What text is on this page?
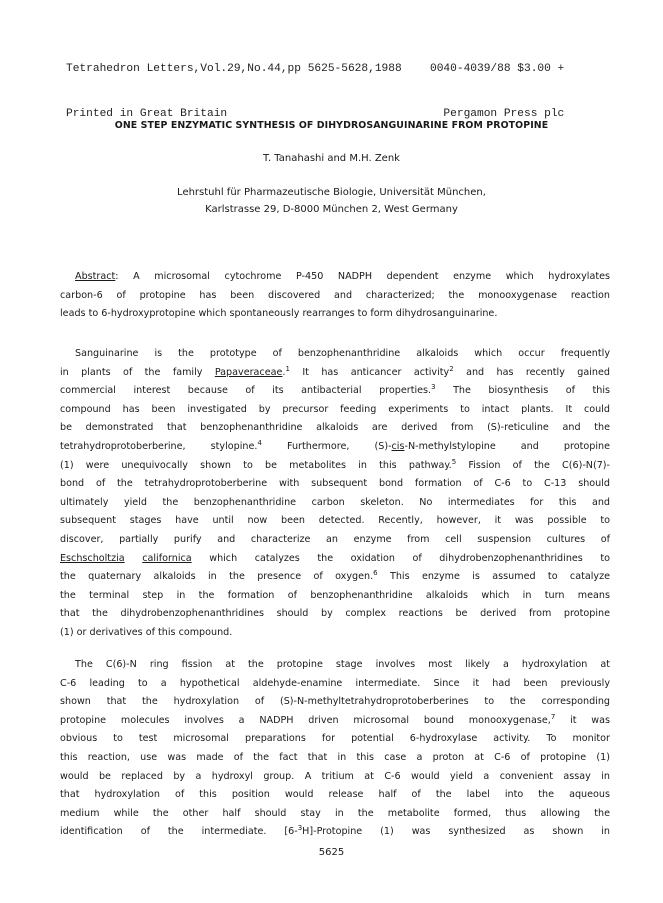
Tetrahedron Letters,Vol.29,No.44,pp 5625-5628,1988

Printed in Great Britain

0040-4039/88 $3.00 +

Pergamon Press plc

ONE STEP ENZYMATIC SYNTHESIS OF DIHYDROSANGUINARINE FROM PROTOPINE
T. Tanahashi and M.H. Zenk
Lehrstuhl für Pharmazeutische Biologie, Universität München,
Karlstrasse 29, D-8000 München 2, West Germany
Abstract: A microsomal cytochrome P-450 NADPH dependent enzyme which hydroxylates
carbon-6 of protopine has been discovered and characterized; the monooxygenase reaction
leads to 6-hydroxyprotopine which spontaneously rearranges to form dihydrosanguinarine.
Sanguinarine is the prototype of benzophenanthridine alkaloids which occur frequently
in plants of the family Papaveraceae.$^1$ It has anticancer activity$^2$ and has recently gained
commercial interest because of its antibacterial properties.$^3$ The biosynthesis of this
compound has been investigated by precursor feeding experiments to intact plants. It could
be demonstrated that benzophenanthridine alkaloids are derived from (S)-reticuline and the
tetrahydroprotoberberine, stylopine.$^4$ Furthermore, (S)-cis-N-methylstylopine and protopine
(1) were unequivocally shown to be metabolites in this pathway.$^5$ Fission of the C(6)-N(7)-
bond of the tetrahydroprotoberberine with subsequent bond formation of C-6 to C-13 should
ultimately yield the benzophenanthridine carbon skeleton. No intermediates for this and
subsequent stages have until now been detected. Recently, however, it was possible to
discover, partially purify and characterize an enzyme from cell suspension cultures of
Eschscholtzia californica which catalyzes the oxidation of dihydrobenzophenanthridines to
the quaternary alkaloids in the presence of oxygen.$^6$ This enzyme is assumed to catalyze
the terminal step in the formation of benzophenanthridine alkaloids which in turn means
that the dihydrobenzophenanthridines should by complex reactions be derived from protopine
(1) or derivatives of this compound.
The C(6)-N ring fission at the protopine stage involves most likely a hydroxylation at
C-6 leading to a hypothetical aldehyde-enamine intermediate. Since it had been previously
shown that the hydroxylation of (S)-N-methyltetrahydroprotoberberines to the corresponding
protopine molecules involves a NADPH driven microsomal bound monooxygenase,$^7$ it was
obvious to test microsomal preparations for potential 6-hydroxylase activity. To monitor
this reaction, use was made of the fact that in this case a proton at C-6 of protopine (1)
would be replaced by a hydroxyl group. A tritium at C-6 would yield a convenient assay in
that hydroxylation of this position would release half of the label into the aqueous
medium while the other half should stay in the metabolite formed, thus allowing the
identification of the intermediate. [6-$^3$H]-Protopine (1) was synthesized as shown in
5625
